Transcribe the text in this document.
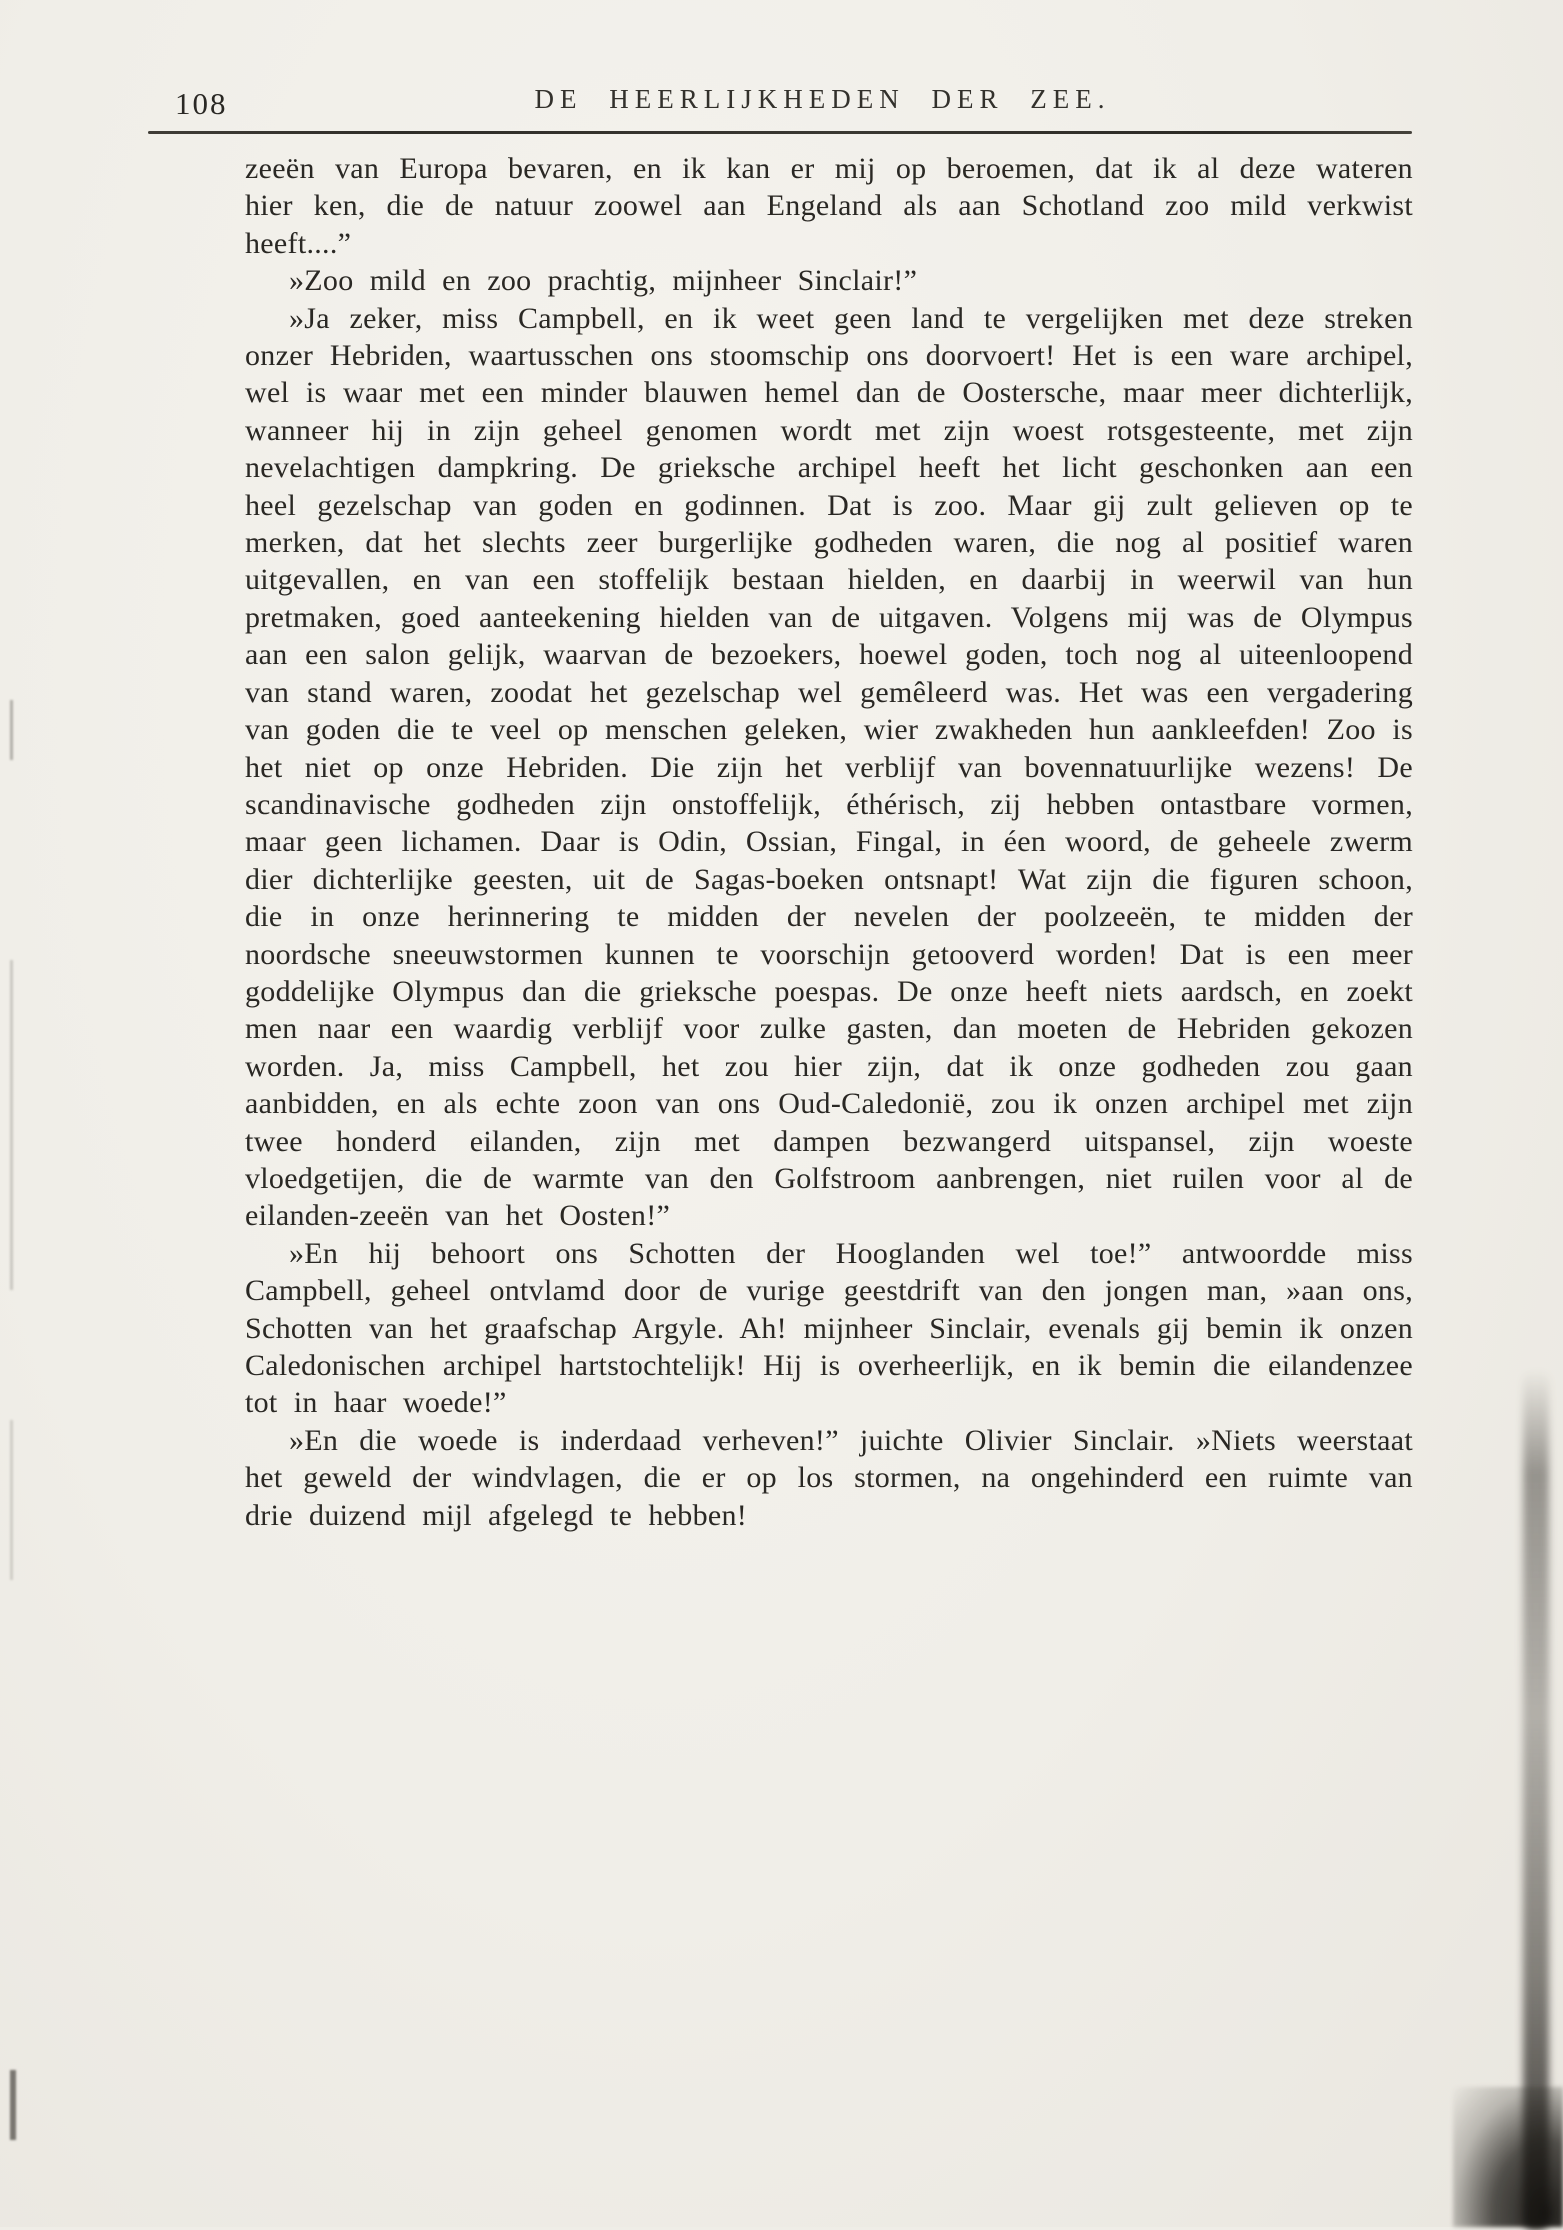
108	DE HEERLIJKHEDEN DER ZEE.

zeeën van Europa bevaren, en ik kan er mij op beroemen, dat ik al deze wateren hier ken, die de natuur zoowel aan Engeland als aan Schotland zoo mild verkwist heeft....”

»Zoo mild en zoo prachtig, mijnheer Sinclair!”

»Ja zeker, miss Campbell, en ik weet geen land te vergelijken met deze streken onzer Hebriden, waartusschen ons stoomschip ons doorvoert! Het is een ware archipel, wel is waar met een minder blauwen hemel dan de Oostersche, maar meer dichterlijk, wanneer hij in zijn geheel genomen wordt met zijn woest rotsgesteente, met zijn nevelachtigen dampkring. De grieksche archipel heeft het licht geschonken aan een heel gezelschap van goden en godinnen. Dat is zoo. Maar gij zult gelieven op te merken, dat het slechts zeer burgerlijke godheden waren, die nog al positief waren uitgevallen, en van een stoffelijk bestaan hielden, en daarbij in weerwil van hun pretmaken, goed aanteekening hielden van de uitgaven. Volgens mij was de Olympus aan een salon gelijk, waarvan de bezoekers, hoewel goden, toch nog al uiteenloopend van stand waren, zoodat het gezelschap wel gemêleerd was. Het was een vergadering van goden die te veel op menschen geleken, wier zwakheden hun aankleefden! Zoo is het niet op onze Hebriden. Die zijn het verblijf van bovennatuurlijke wezens! De scandinavische godheden zijn onstoffelijk, éthérisch, zij hebben ontastbare vormen, maar geen lichamen. Daar is Odin, Ossian, Fingal, in éen woord, de geheele zwerm dier dichterlijke geesten, uit de Sagas-boeken ontsnapt! Wat zijn die figuren schoon, die in onze herinnering te midden der nevelen der poolzeeën, te midden der noordsche sneeuwstormen kunnen te voorschijn getooverd worden! Dat is een meer goddelijke Olympus dan die grieksche poespas. De onze heeft niets aardsch, en zoekt men naar een waardig verblijf voor zulke gasten, dan moeten de Hebriden gekozen worden. Ja, miss Campbell, het zou hier zijn, dat ik onze godheden zou gaan aanbidden, en als echte zoon van ons Oud-Caledonië, zou ik onzen archipel met zijn twee honderd eilanden, zijn met dampen bezwangerd uitspansel, zijn woeste vloedgetijen, die de warmte van den Golfstroom aanbrengen, niet ruilen voor al de eilanden-zeeën van het Oosten!”

»En hij behoort ons Schotten der Hooglanden wel toe!” antwoordde miss Campbell, geheel ontvlamd door de vurige geestdrift van den jongen man, »aan ons, Schotten van het graafschap Argyle. Ah! mijnheer Sinclair, evenals gij bemin ik onzen Caledonischen archipel hartstochtelijk! Hij is overheerlijk, en ik bemin die eilandenzee tot in haar woede!”

»En die woede is inderdaad verheven!” juichte Olivier Sinclair. »Niets weerstaat het geweld der windvlagen, die er op los stormen, na ongehinderd een ruimte van drie duizend mijl afgelegd te hebben!
